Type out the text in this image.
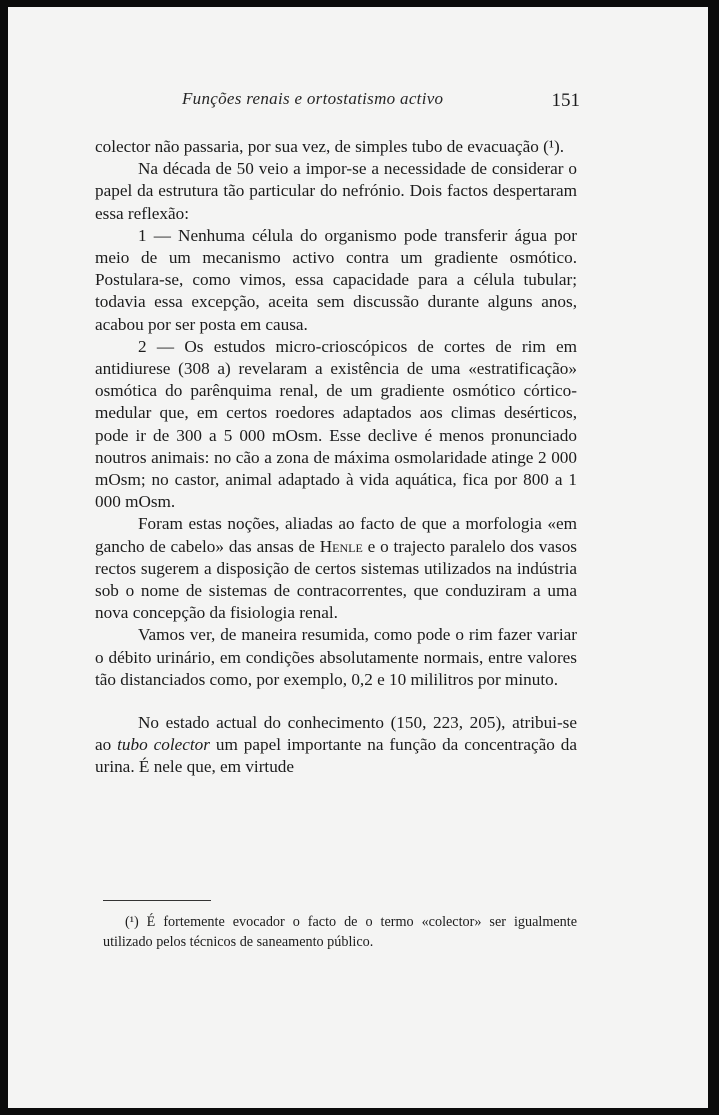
Funções renais e ortostatismo activo	151

colector não passaria, por sua vez, de simples tubo de evacuação (¹).

Na década de 50 veio a impor-se a necessidade de considerar o papel da estrutura tão particular do nefrónio. Dois factos despertaram essa reflexão:

1 — Nenhuma célula do organismo pode transferir água por meio de um mecanismo activo contra um gradiente osmótico. Postulara-se, como vimos, essa capacidade para a célula tubular; todavia essa excepção, aceita sem discussão durante alguns anos, acabou por ser posta em causa.

2 — Os estudos micro-crioscópicos de cortes de rim em antidiurese (308 a) revelaram a existência de uma «estratificação» osmótica do parênquima renal, de um gradiente osmótico córtico-medular que, em certos roedores adaptados aos climas desérticos, pode ir de 300 a 5 000 mOsm. Esse declive é menos pronunciado noutros animais: no cão a zona de máxima osmolaridade atinge 2 000 mOsm; no castor, animal adaptado à vida aquática, fica por 800 a 1 000 mOsm.

Foram estas noções, aliadas ao facto de que a morfologia «em gancho de cabelo» das ansas de Henle e o trajecto paralelo dos vasos rectos sugerem a disposição de certos sistemas utilizados na indústria sob o nome de sistemas de contracorrentes, que conduziram a uma nova concepção da fisiologia renal.

Vamos ver, de maneira resumida, como pode o rim fazer variar o débito urinário, em condições absolutamente normais, entre valores tão distanciados como, por exemplo, 0,2 e 10 mililitros por minuto.

No estado actual do conhecimento (150, 223, 205), atribui-se ao tubo colector um papel importante na função da concentração da urina. É nele que, em virtude

(¹) É fortemente evocador o facto de o termo «colector» ser igualmente utilizado pelos técnicos de saneamento público.
